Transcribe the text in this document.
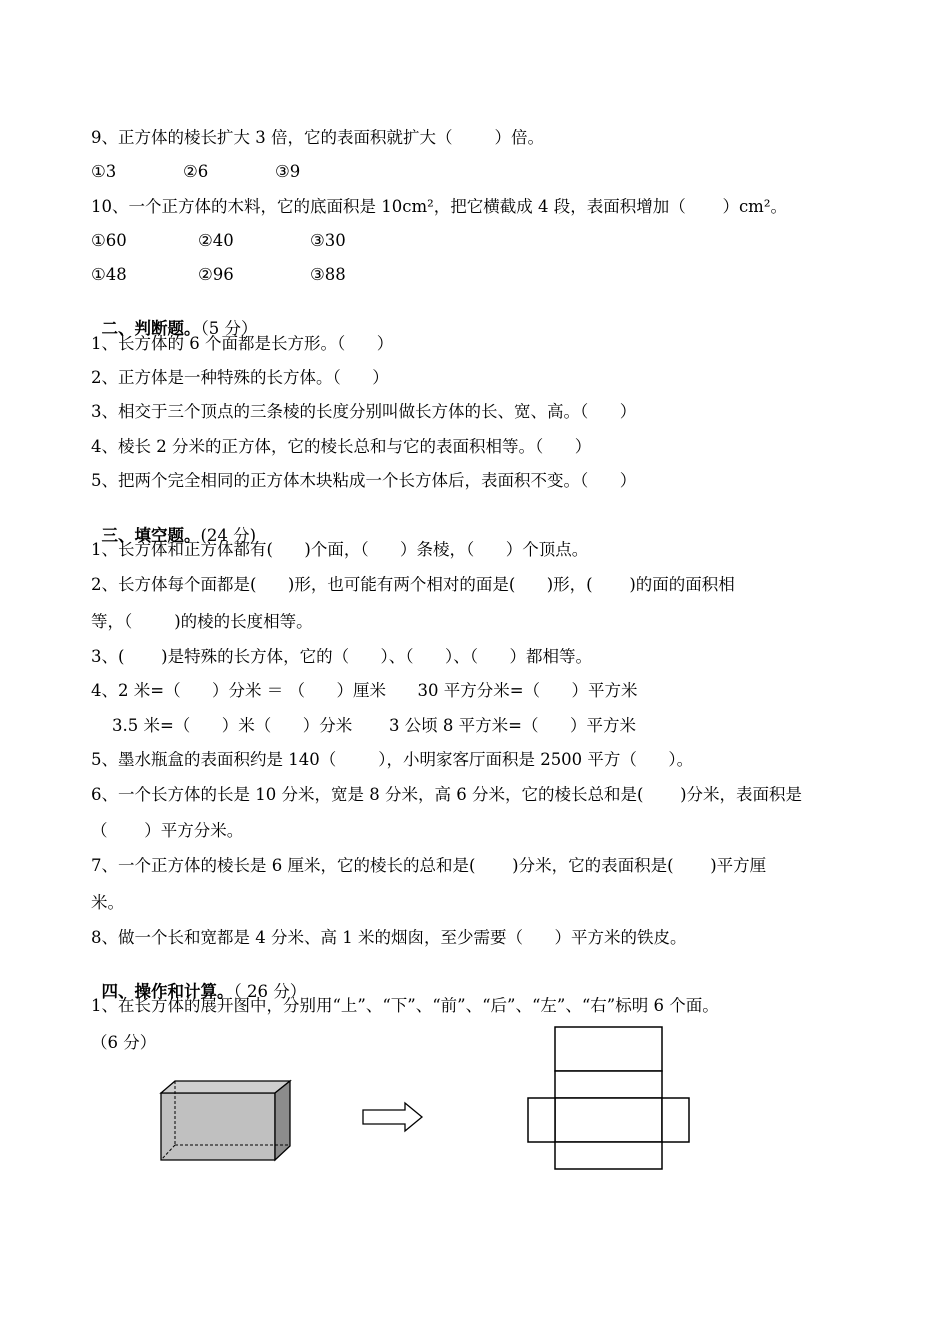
9、正方体的棱长扩大 3 倍，它的表面积就扩大（        ）倍。
①3	②6	③9
10、一个正方体的木料，它的底面积是 10cm²，把它横截成 4 段，表面积增加（       ）cm²。
①60	②40	③30
①48	②96	③88

二、判断题。（5 分）

1、长方体的 6 个面都是长方形。（      ）
2、正方体是一种特殊的长方体。（      ）
3、相交于三个顶点的三条棱的长度分别叫做长方体的长、宽、高。（      ）
4、棱长 2 分米的正方体，它的棱长总和与它的表面积相等。（      ）
5、把两个完全相同的正方体木块粘成一个长方体后，表面积不变。（      ）

三、填空题。(24 分)

1、长方体和正方体都有(      )个面，（      ）条棱，（      ）个顶点。
2、长方体每个面都是(      )形，也可能有两个相对的面是(      )形，(       )的面的面积相
等，（        )的棱的长度相等。
3、(       )是特殊的长方体，它的（      ）、（      ）、（      ）都相等。
4、2 米=（      ）分米 ＝ （      ）厘米      30 平方分米=（      ）平方米
3.5 米=（      ）米（      ）分米       3 公顷 8 平方米=（      ）平方米
5、墨水瓶盒的表面积约是 140（        ），小明家客厅面积是 2500 平方（      ）。
6、一个长方体的长是 10 分米，宽是 8 分米，高 6 分米，它的棱长总和是(       )分米，表面积是
（       ）平方分米。
7、一个正方体的棱长是 6 厘米，它的棱长的总和是(       )分米，它的表面积是(       )平方厘
米。
8、做一个长和宽都是 4 分米、高 1 米的烟囱，至少需要（      ）平方米的铁皮。

四、操作和计算。（ 26 分）

1、在长方体的展开图中，分别用“上”、“下”、“前”、“后”、“左”、“右”标明 6 个面。
（6 分）
